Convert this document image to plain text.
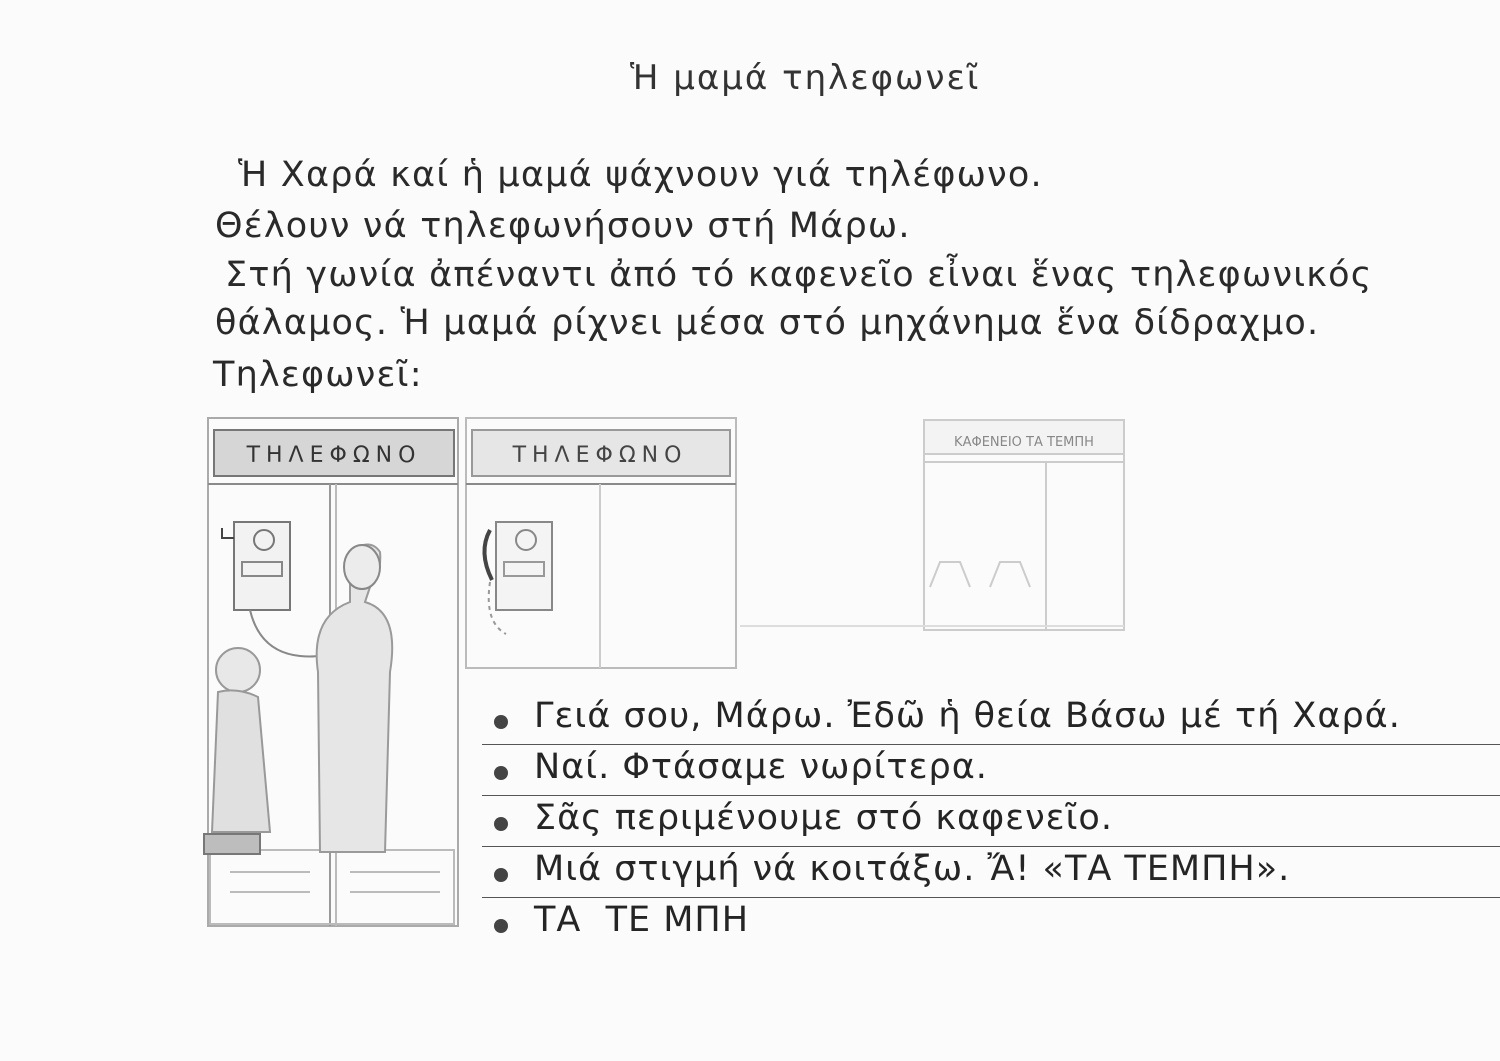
Ἡ μαμά τηλεφωνεῖ
Ἡ Χαρά καί ἡ μαμά ψάχνουν γιά τηλέφωνο.
Θέλουν νά τηλεφωνήσουν στή Μάρω.
Στή γωνία ἀπέναντι ἀπό τό καφενεῖο εἶναι ἕνας τηλεφωνικός
θάλαμος. Ἡ μαμά ρίχνει μέσα στό μηχάνημα ἕνα δίδραχμο.
Τηλεφωνεῖ:
ΤΗΛΕΦΩΝΟ	ΤΗΛΕΦΩΝΟ
ΚΑΦΕΝΕΙΟ ΤΑ ΤΕΜΠΗ
Γειά σου, Μάρω. Ἐδῶ ἡ θεία Βάσω μέ τή Χαρά.
Ναί. Φτάσαμε νωρίτερα.
Σᾶς περιμένουμε στό καφενεῖο.
Μιά στιγμή νά κοιτάξω. Ἄ! «ΤΑ ΤΕΜΠΗ».
ΤΑ  ΤΕ ΜΠΗ
